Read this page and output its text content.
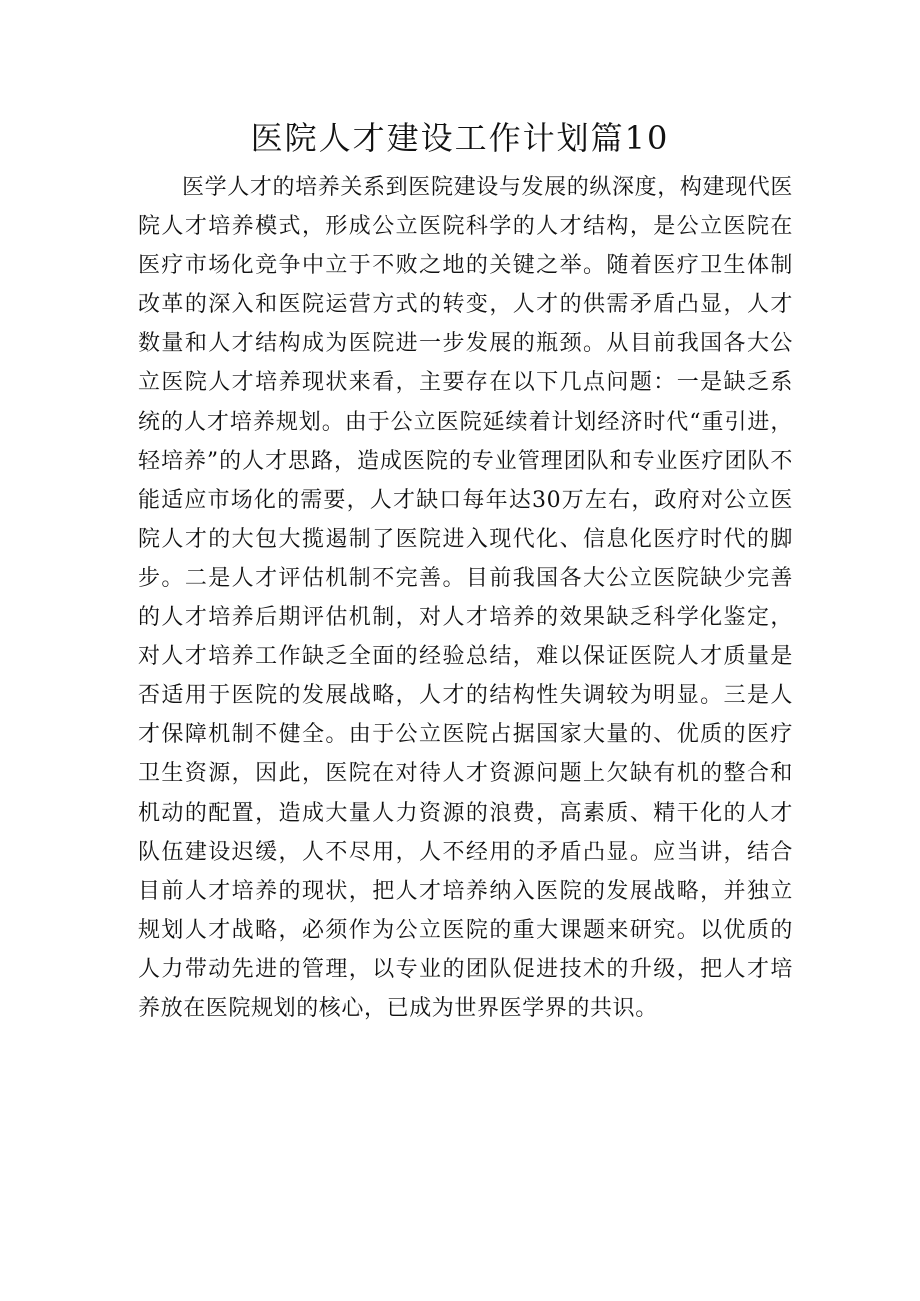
医院人才建设工作计划篇10

医学人才的培养关系到医院建设与发展的纵深度，构建现代医院人才培养模式，形成公立医院科学的人才结构，是公立医院在医疗市场化竞争中立于不败之地的关键之举。随着医疗卫生体制改革的深入和医院运营方式的转变，人才的供需矛盾凸显，人才数量和人才结构成为医院进一步发展的瓶颈。从目前我国各大公立医院人才培养现状来看，主要存在以下几点问题：一是缺乏系统的人才培养规划。由于公立医院延续着计划经济时代“重引进，轻培养”的人才思路，造成医院的专业管理团队和专业医疗团队不能适应市场化的需要，人才缺口每年达30万左右，政府对公立医院人才的大包大揽遏制了医院进入现代化、信息化医疗时代的脚步。二是人才评估机制不完善。目前我国各大公立医院缺少完善的人才培养后期评估机制，对人才培养的效果缺乏科学化鉴定，对人才培养工作缺乏全面的经验总结，难以保证医院人才质量是否适用于医院的发展战略，人才的结构性失调较为明显。三是人才保障机制不健全。由于公立医院占据国家大量的、优质的医疗卫生资源，因此，医院在对待人才资源问题上欠缺有机的整合和机动的配置，造成大量人力资源的浪费，高素质、精干化的人才队伍建设迟缓，人不尽用，人不经用的矛盾凸显。应当讲，结合目前人才培养的现状，把人才培养纳入医院的发展战略，并独立规划人才战略，必须作为公立医院的重大课题来研究。以优质的人力带动先进的管理，以专业的团队促进技术的升级，把人才培养放在医院规划的核心，已成为世界医学界的共识。
